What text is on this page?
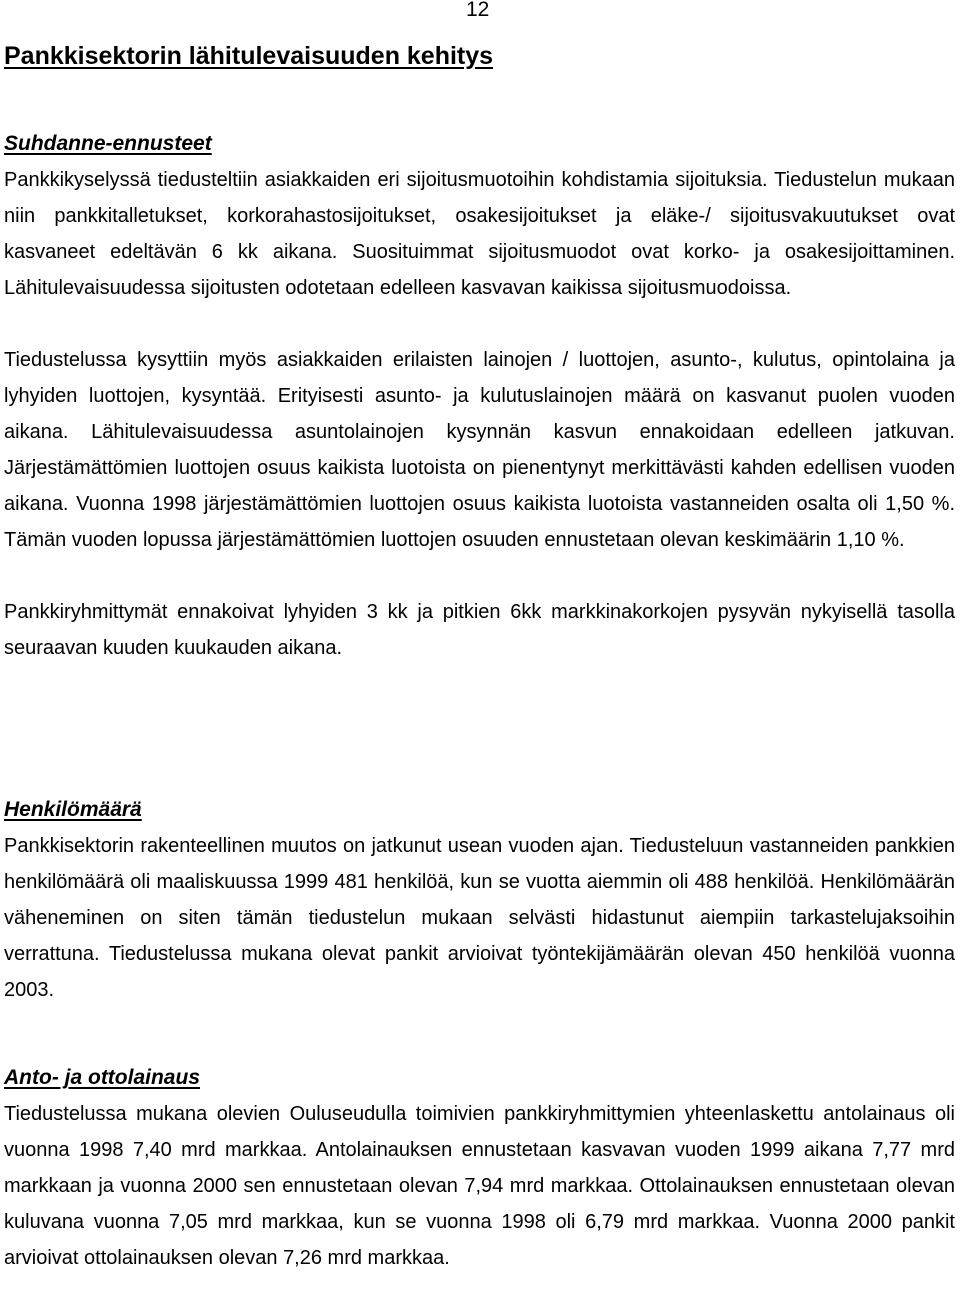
12
Pankkisektorin lähitulevaisuuden kehitys
Suhdanne-ennusteet

Pankkikyselyssä tiedusteltiin asiakkaiden eri sijoitusmuotoihin kohdistamia sijoituksia. Tiedustelun mukaan niin pankkitalletukset, korkorahastosijoitukset, osakesijoitukset ja eläke-/ sijoitusvakuutukset ovat kasvaneet edeltävän 6 kk aikana. Suosituimmat sijoitusmuodot ovat korko- ja osakesijoittaminen. Lähitulevaisuudessa sijoitusten odotetaan edelleen kasvavan kaikissa sijoitusmuodoissa.

Tiedustelussa kysyttiin myös asiakkaiden erilaisten lainojen / luottojen, asunto-, kulutus, opintolaina ja lyhyiden luottojen, kysyntää. Erityisesti asunto- ja kulutuslainojen määrä on kasvanut puolen vuoden aikana. Lähitulevaisuudessa asuntolainojen kysynnän kasvun ennakoidaan edelleen jatkuvan. Järjestämättömien luottojen osuus kaikista luotoista on pienentynyt merkittävästi kahden edellisen vuoden aikana. Vuonna 1998 järjestämättömien luottojen osuus kaikista luotoista vastanneiden osalta oli 1,50 %. Tämän vuoden lopussa järjestämättömien luottojen osuuden ennustetaan olevan keskimäärin 1,10 %.

Pankkiryhmittymät ennakoivat lyhyiden 3 kk ja pitkien 6kk markkinakorkojen pysyvän nykyisellä tasolla seuraavan kuuden kuukauden aikana.

Henkilömäärä

Pankkisektorin rakenteellinen muutos on jatkunut usean vuoden ajan. Tiedusteluun vastanneiden pankkien henkilömäärä oli maaliskuussa 1999 481 henkilöä, kun se vuotta aiemmin oli 488 henkilöä. Henkilömäärän väheneminen on siten tämän tiedustelun mukaan selvästi hidastunut aiempiin tarkastelujaksoihin verrattuna. Tiedustelussa mukana olevat pankit arvioivat työntekijämäärän olevan 450 henkilöä vuonna 2003.

Anto- ja ottolainaus

Tiedustelussa mukana olevien Ouluseudulla toimivien pankkiryhmittymien yhteenlaskettu antolainaus oli vuonna 1998 7,40 mrd markkaa. Antolainauksen ennustetaan kasvavan vuoden 1999 aikana 7,77 mrd markkaan ja vuonna 2000 sen ennustetaan olevan 7,94 mrd markkaa. Ottolainauksen ennustetaan olevan kuluvana vuonna 7,05 mrd markkaa, kun se vuonna 1998 oli 6,79 mrd markkaa. Vuonna 2000 pankit arvioivat ottolainauksen olevan 7,26 mrd markkaa.
